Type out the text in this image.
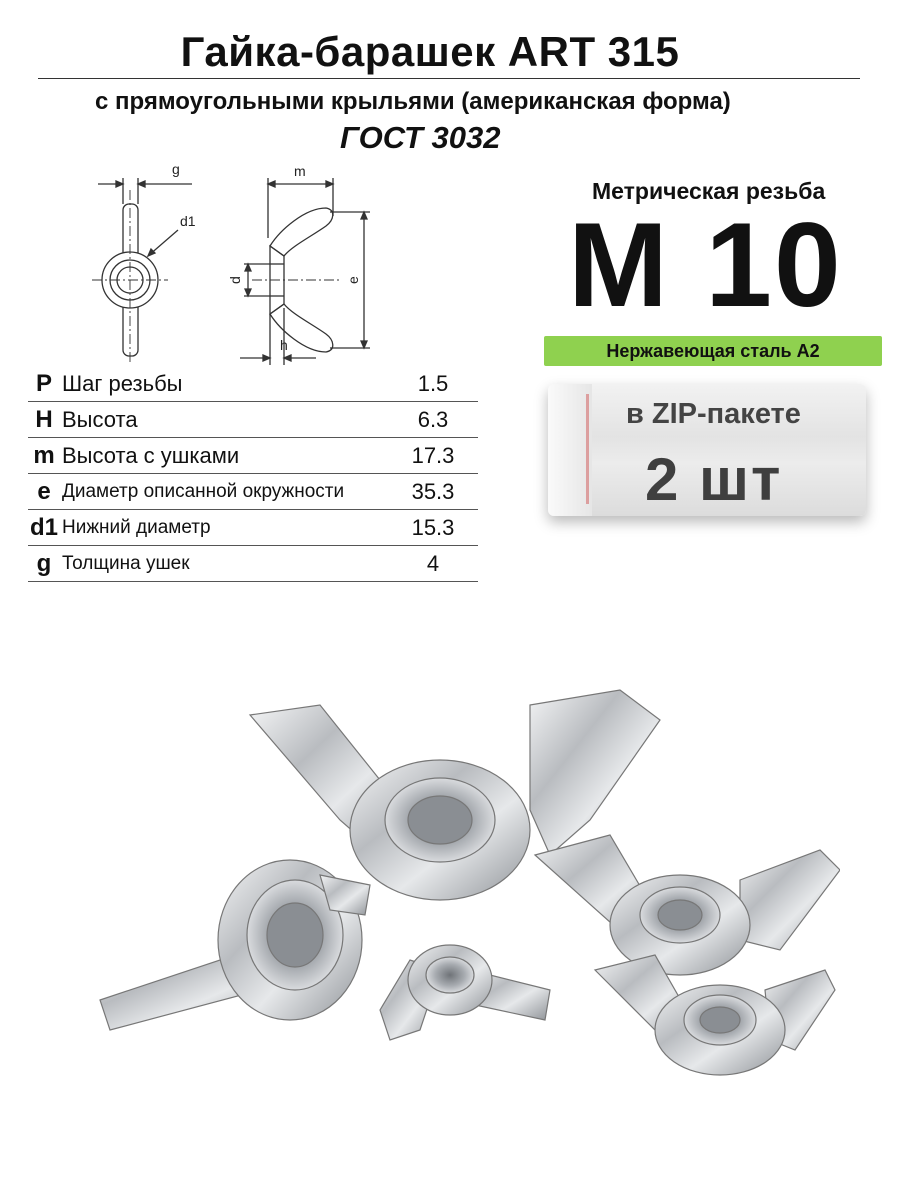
Гайка-барашек ART 315
с прямоугольными крыльями (американская форма)
ГОСТ 3032
g
d1
m
d	e
h
Метрическая резьба
М 10
Нержавеющая сталь А2
в ZIP-пакете
2 шт
P	Шаг резьбы	1.5
H	Высота	6.3
m	Высота с ушками	17.3
e	Диаметр описанной окружности	35.3
d1	Нижний диаметр	15.3
g	Толщина ушек	4
